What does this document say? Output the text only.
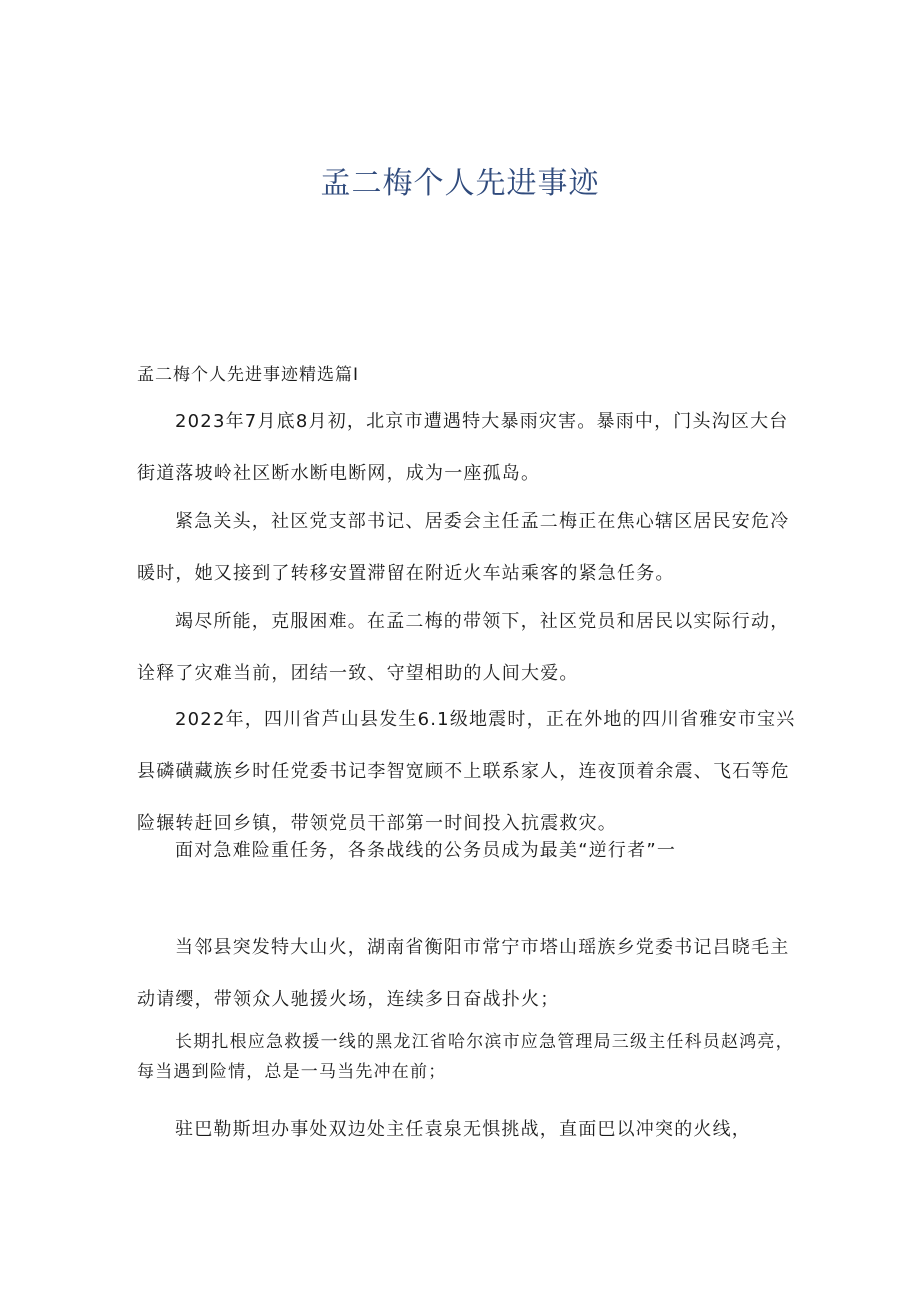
孟二梅个人先进事迹

孟二梅个人先进事迹精选篇Ⅰ

2023年7月底8月初，北京市遭遇特大暴雨灾害。暴雨中，门头沟区大台街道落坡岭社区断水断电断网，成为一座孤岛。

紧急关头，社区党支部书记、居委会主任孟二梅正在焦心辖区居民安危冷暖时，她又接到了转移安置滞留在附近火车站乘客的紧急任务。

竭尽所能，克服困难。在孟二梅的带领下，社区党员和居民以实际行动，诠释了灾难当前，团结一致、守望相助的人间大爱。

2022年，四川省芦山县发生6.1级地震时，正在外地的四川省雅安市宝兴县磷磺藏族乡时任党委书记李智宽顾不上联系家人，连夜顶着余震、飞石等危险辗转赶回乡镇，带领党员干部第一时间投入抗震救灾。

面对急难险重任务，各条战线的公务员成为最美“逆行者”一

当邻县突发特大山火，湖南省衡阳市常宁市塔山瑶族乡党委书记吕晓毛主动请缨，带领众人驰援火场，连续多日奋战扑火；

长期扎根应急救援一线的黑龙江省哈尔滨市应急管理局三级主任科员赵鸿亮，每当遇到险情，总是一马当先冲在前；

驻巴勒斯坦办事处双边处主任袁泉无惧挑战，直面巴以冲突的火线，
